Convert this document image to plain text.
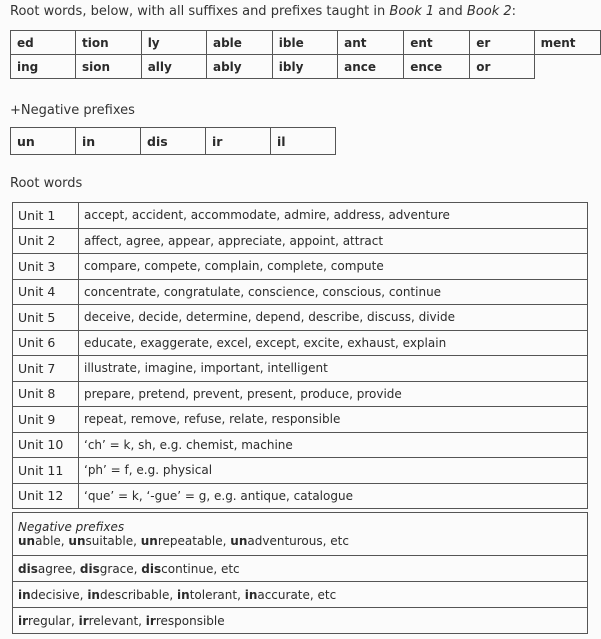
Root words, below, with all suffixes and prefixes taught in Book 1 and Book 2:
ed	tion	ly	able	ible	ant	ent	er	ment
ing	sion	ally	ably	ibly	ance	ence	or	
+Negative prefixes
un	in	dis	ir	il
Root words
Unit 1	accept, accident, accommodate, admire, address, adventure
Unit 2	affect, agree, appear, appreciate, appoint, attract
Unit 3	compare, compete, complain, complete, compute
Unit 4	concentrate, congratulate, conscience, conscious, continue
Unit 5	deceive, decide, determine, depend, describe, discuss, divide
Unit 6	educate, exaggerate, excel, except, excite, exhaust, explain
Unit 7	illustrate, imagine, important, intelligent
Unit 8	prepare, pretend, prevent, present, produce, provide
Unit 9	repeat, remove, refuse, relate, responsible
Unit 10	‘ch’ = k, sh, e.g. chemist, machine
Unit 11	‘ph’ = f, e.g. physical
Unit 12	‘que’ = k, ‘-gue’ = g, e.g. antique, catalogue
Negative prefixes
unable, unsuitable, unrepeatable, unadventurous, etc

disagree, disgrace, discontinue, etc

indecisive, indescribable, intolerant, inaccurate, etc

irregular, irrelevant, irresponsible
